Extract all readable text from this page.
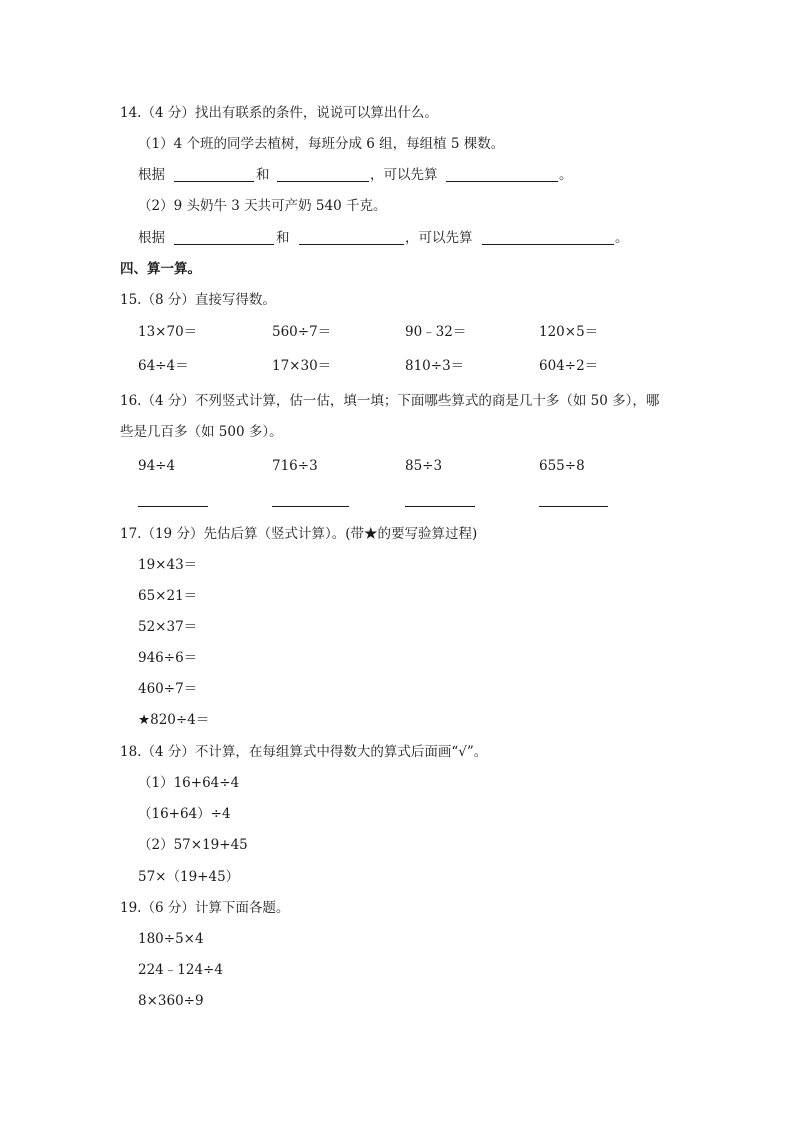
14.（4 分）找出有联系的条件，说说可以算出什么。
（1）4 个班的同学去植树，每班分成 6 组，每组植 5 棵数。
根据	和	，可以先算	。
（2）9 头奶牛 3 天共可产奶 540 千克。
根据	和	，可以先算	。
四、算一算。
15.（8 分）直接写得数。
13×70＝	560÷7＝	90﹣32＝	120×5＝
64÷4＝	17×30＝	810÷3＝	604÷2＝
16.（4 分）不列竖式计算，估一估，填一填；下面哪些算式的商是几十多（如 50 多），哪
些是几百多（如 500 多）。
94÷4	716÷3	85÷3	655÷8
17.（19 分）先估后算（竖式计算）。(带★的要写验算过程)
19×43＝
65×21＝
52×37＝
946÷6＝
460÷7＝
★820÷4＝
18.（4 分）不计算，在每组算式中得数大的算式后面画“√”。
（1）16+64÷4
（16+64）÷4
（2）57×19+45
57×（19+45）
19.（6 分）计算下面各题。
180÷5×4
224﹣124÷4
8×360÷9
